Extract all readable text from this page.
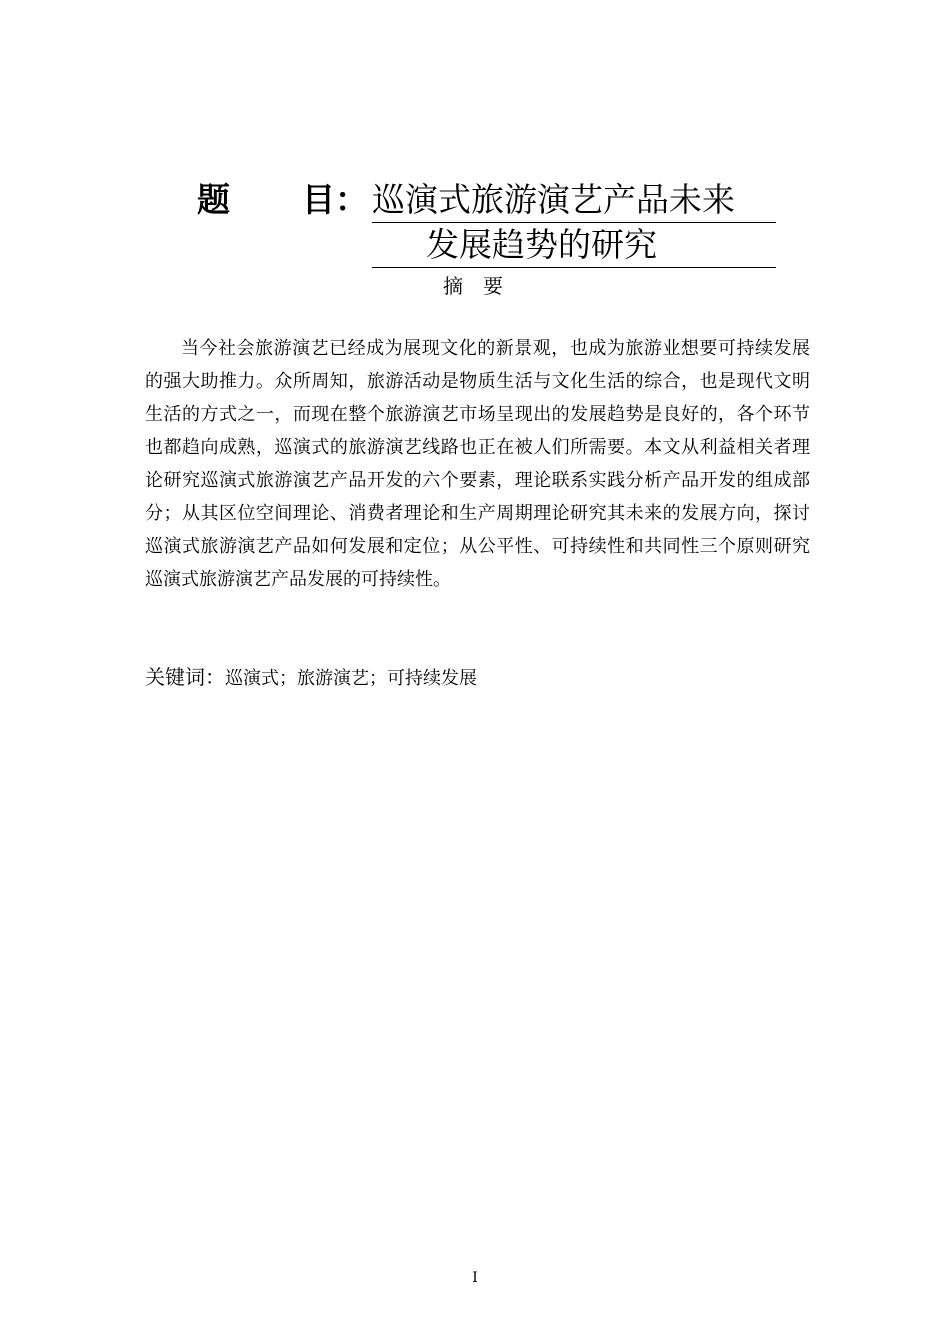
题 目： 巡演式旅游演艺产品未来
发展趋势的研究
摘要

当今社会旅游演艺已经成为展现文化的新景观，也成为旅游业想要可持续发展的强大助推力。众所周知，旅游活动是物质生活与文化生活的综合，也是现代文明生活的方式之一，而现在整个旅游演艺市场呈现出的发展趋势是良好的，各个环节也都趋向成熟，巡演式的旅游演艺线路也正在被人们所需要。本文从利益相关者理论研究巡演式旅游演艺产品开发的六个要素，理论联系实践分析产品开发的组成部分；从其区位空间理论、消费者理论和生产周期理论研究其未来的发展方向，探讨巡演式旅游演艺产品如何发展和定位；从公平性、可持续性和共同性三个原则研究巡演式旅游演艺产品发展的可持续性。

关键词：巡演式；旅游演艺；可持续发展
I
